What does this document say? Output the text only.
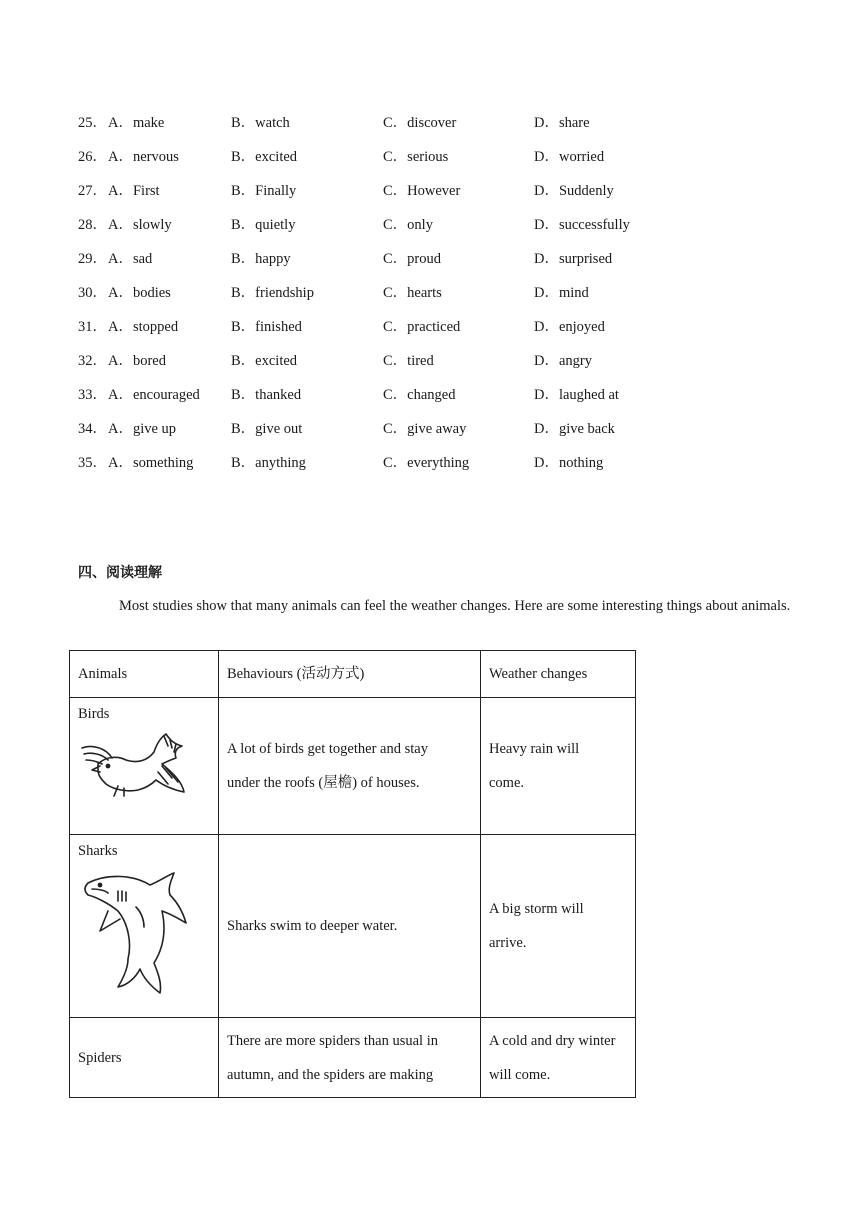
25． A．make	B．watch	C．discover	D．share
26． A．nervous	B．excited	C．serious	D．worried
27． A．First	B．Finally	C．However	D．Suddenly
28． A．slowly	B．quietly	C．only	D．successfully
29． A．sad	B．happy	C．proud	D．surprised
30． A．bodies	B．friendship	C．hearts	D．mind
31． A．stopped	B．finished	C．practiced	D．enjoyed
32． A．bored	B．excited	C．tired	D．angry
33． A．encouraged B．thanked	C．changed	D．laughed at
34． A．give up	B．give out	C．give away	D．give back
35． A．something	B．anything	C．everything	D．nothing
四、阅读理解
Most studies show that many animals can feel the weather changes. Here are some interesting things about animals.
Animals	Behaviours (活动方式)	Weather changes

Birds	A lot of birds get together and stay
under the roofs (屋檐) of houses.	Heavy rain will
come.

Sharks	Sharks swim to deeper water.	A big storm will
arrive.

Spiders	There are more spiders than usual in
autumn, and the spiders are making	A cold and dry winter
will come.
